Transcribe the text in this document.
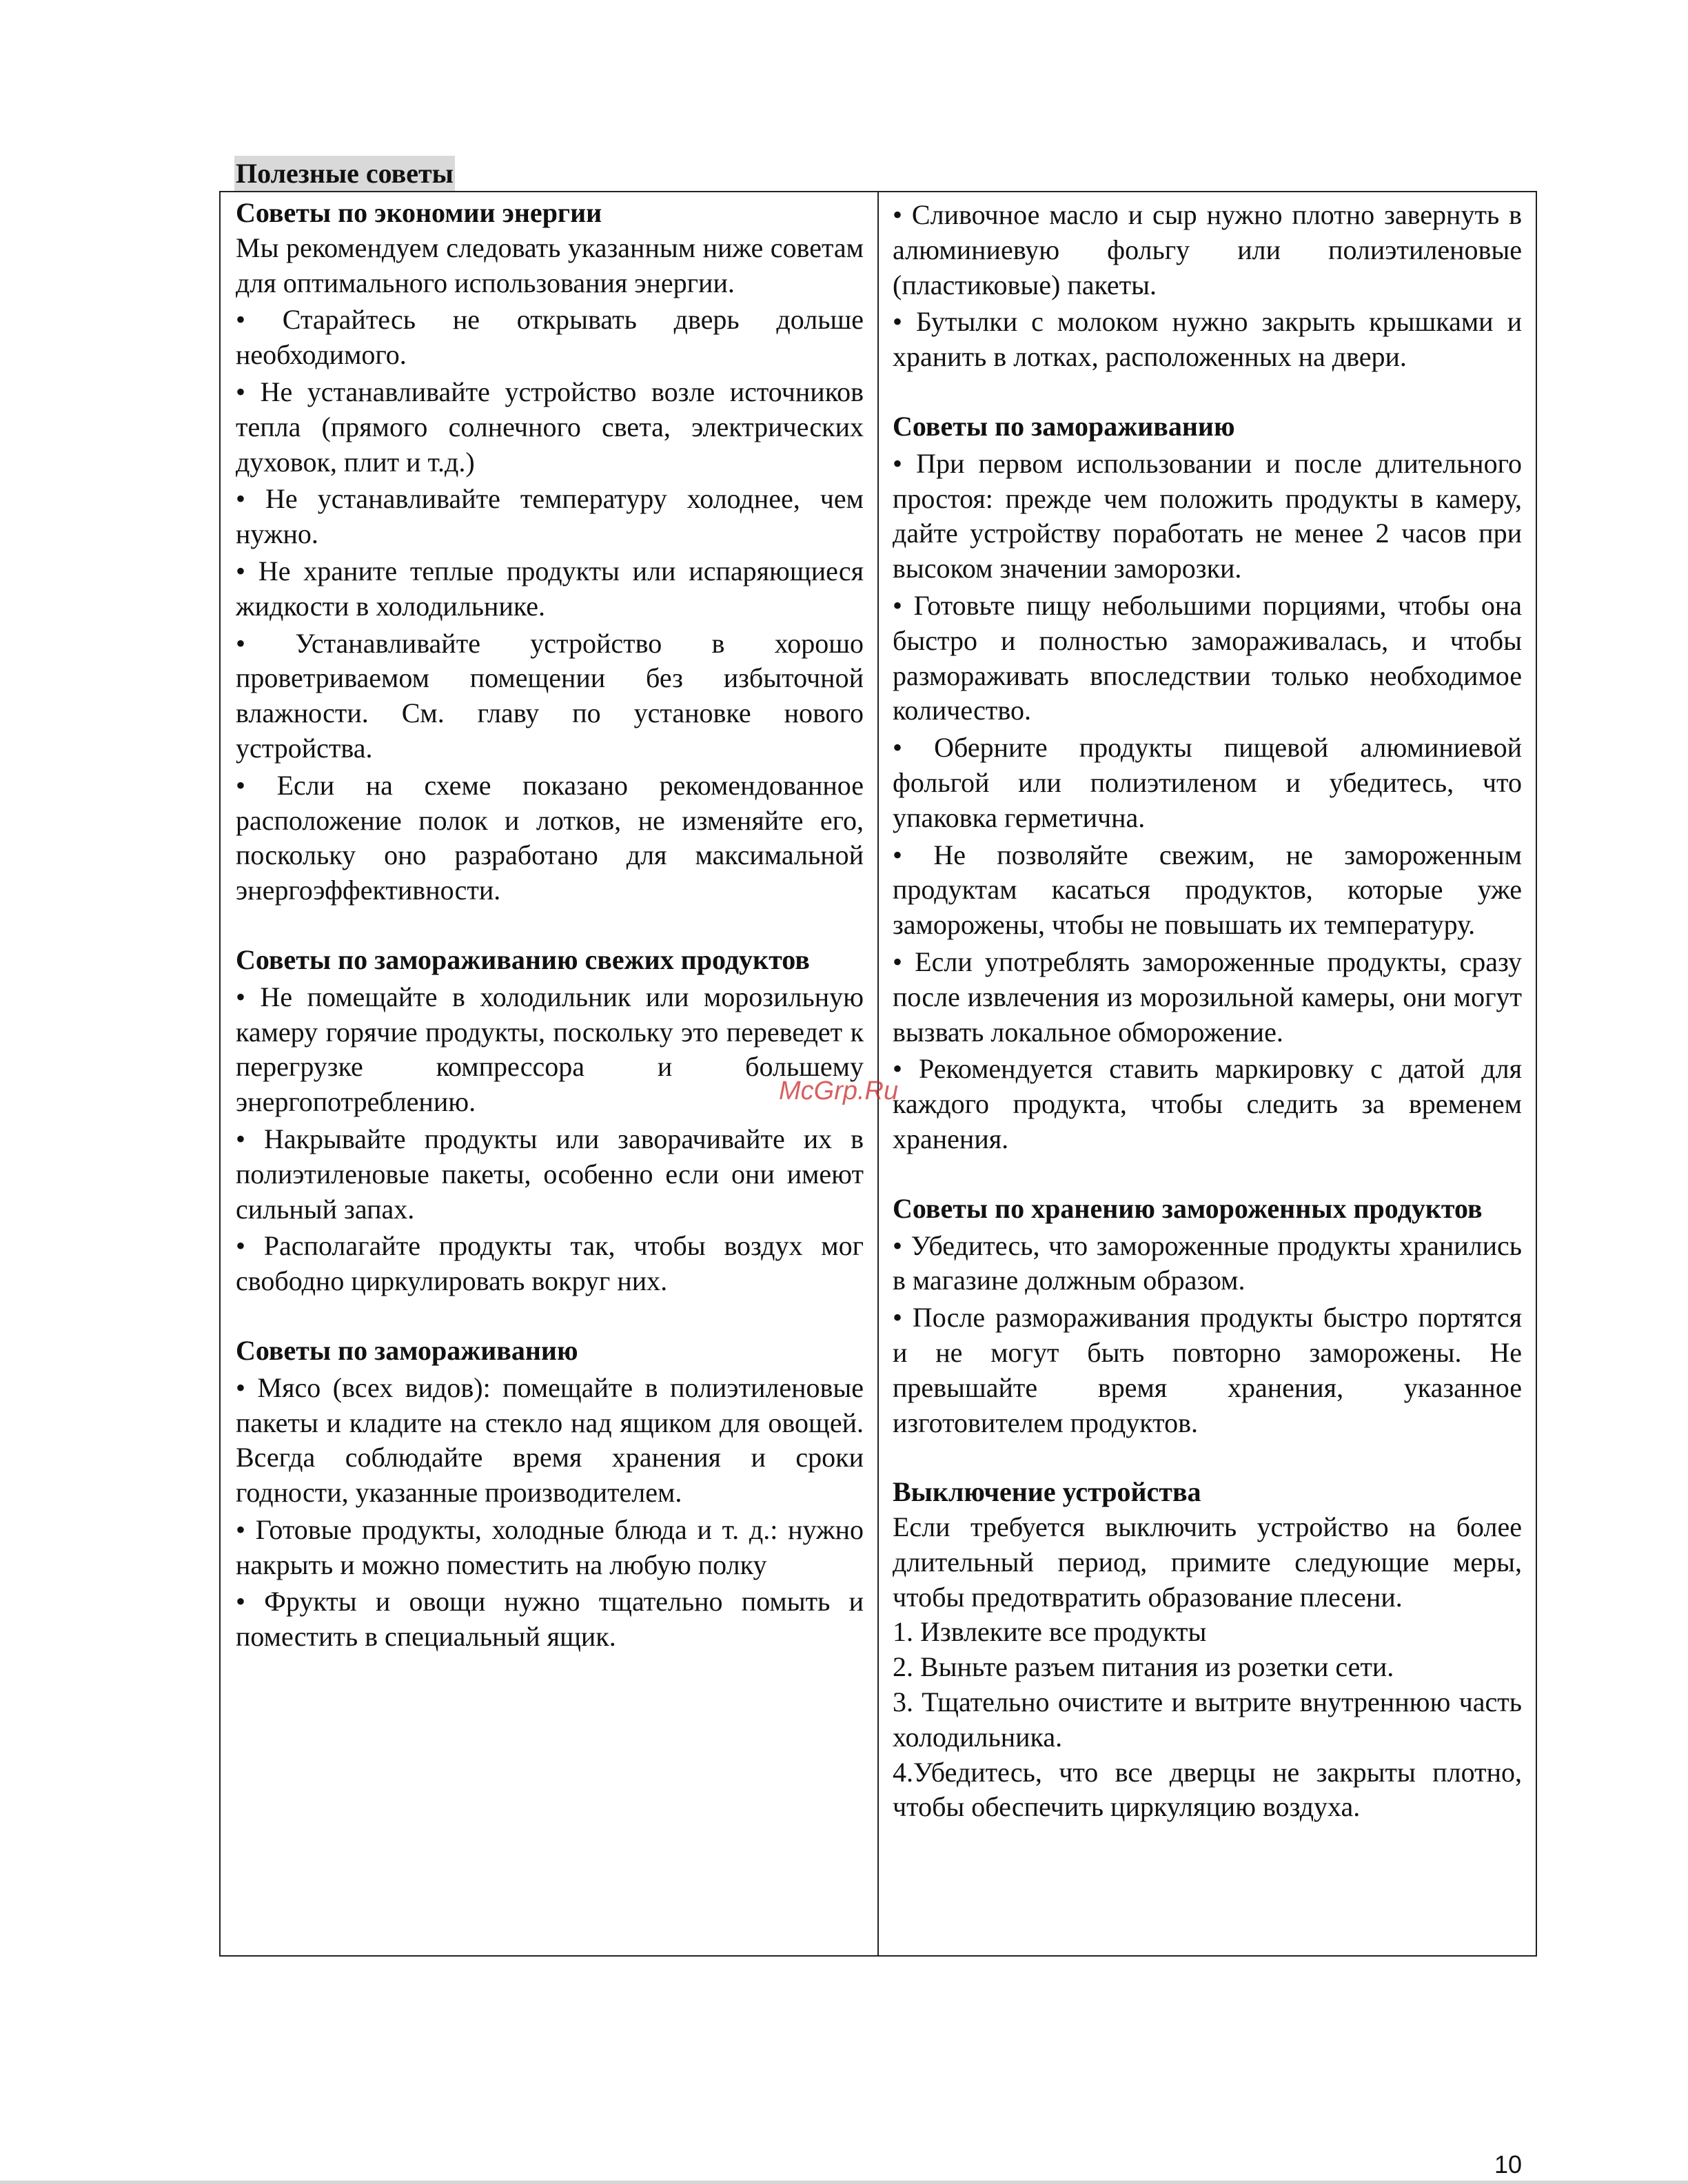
Полезные советы

Советы по экономии энергии

Мы рекомендуем следовать указанным ниже советам для оптимального использования энергии.

• Старайтесь не открывать дверь дольше необходимого.

• Не устанавливайте устройство возле источников тепла (прямого солнечного света, электрических духовок, плит и т.д.)

• Не устанавливайте температуру холоднее, чем нужно.

• Не храните теплые продукты или испаряющиеся жидкости в холодильнике.

• Устанавливайте устройство в хорошо проветриваемом помещении без избыточной влажности. См. главу по установке нового устройства.

• Если на схеме показано рекомендованное расположение полок и лотков, не изменяйте его, поскольку оно разработано для максимальной энергоэффективности.

Советы по замораживанию свежих продуктов

• Не помещайте в холодильник или морозильную камеру горячие продукты, поскольку это переведет к перегрузке компрессора и большему энергопотреблению.

• Накрывайте продукты или заворачивайте их в полиэтиленовые пакеты, особенно если они имеют сильный запах.

• Располагайте продукты так, чтобы воздух мог свободно циркулировать вокруг них.

Советы по замораживанию

• Мясо (всех видов): помещайте в полиэтиленовые пакеты и кладите на стекло над ящиком для овощей. Всегда соблюдайте время хранения и сроки годности, указанные производителем.

• Готовые продукты, холодные блюда и т. д.: нужно накрыть и можно поместить на любую полку

• Фрукты и овощи нужно тщательно помыть и поместить в специальный ящик.

• Сливочное масло и сыр нужно плотно завернуть в алюминиевую фольгу или полиэтиленовые (пластиковые) пакеты.

• Бутылки с молоком нужно закрыть крышками и хранить в лотках, расположенных на двери.

Советы по замораживанию

• При первом использовании и после длительного простоя: прежде чем положить продукты в камеру, дайте устройству поработать не менее 2 часов при высоком значении заморозки.

• Готовьте пищу небольшими порциями, чтобы она быстро и полностью замораживалась, и чтобы размораживать впоследствии только необходимое количество.

• Оберните продукты пищевой алюминиевой фольгой или полиэтиленом и убедитесь, что упаковка герметична.

• Не позволяйте свежим, не замороженным продуктам касаться продуктов, которые уже заморожены, чтобы не повышать их температуру.

• Если употреблять замороженные продукты, сразу после извлечения из морозильной камеры, они могут вызвать локальное обморожение.

• Рекомендуется ставить маркировку с датой для каждого продукта, чтобы следить за временем хранения.

Советы по хранению замороженных продуктов

• Убедитесь, что замороженные продукты хранились в магазине должным образом.

• После размораживания продукты быстро портятся и не могут быть повторно заморожены. Не превышайте время хранения, указанное изготовителем продуктов.

Выключение устройства

Если требуется выключить устройство на более длительный период, примите следующие меры, чтобы предотвратить образование плесени.

1. Извлеките все продукты

2. Выньте разъем питания из розетки сети.

3. Тщательно очистите и вытрите внутреннюю часть холодильника.

4.Убедитесь, что все дверцы не закрыты плотно, чтобы обеспечить циркуляцию воздуха.

McGrp.Ru
10
